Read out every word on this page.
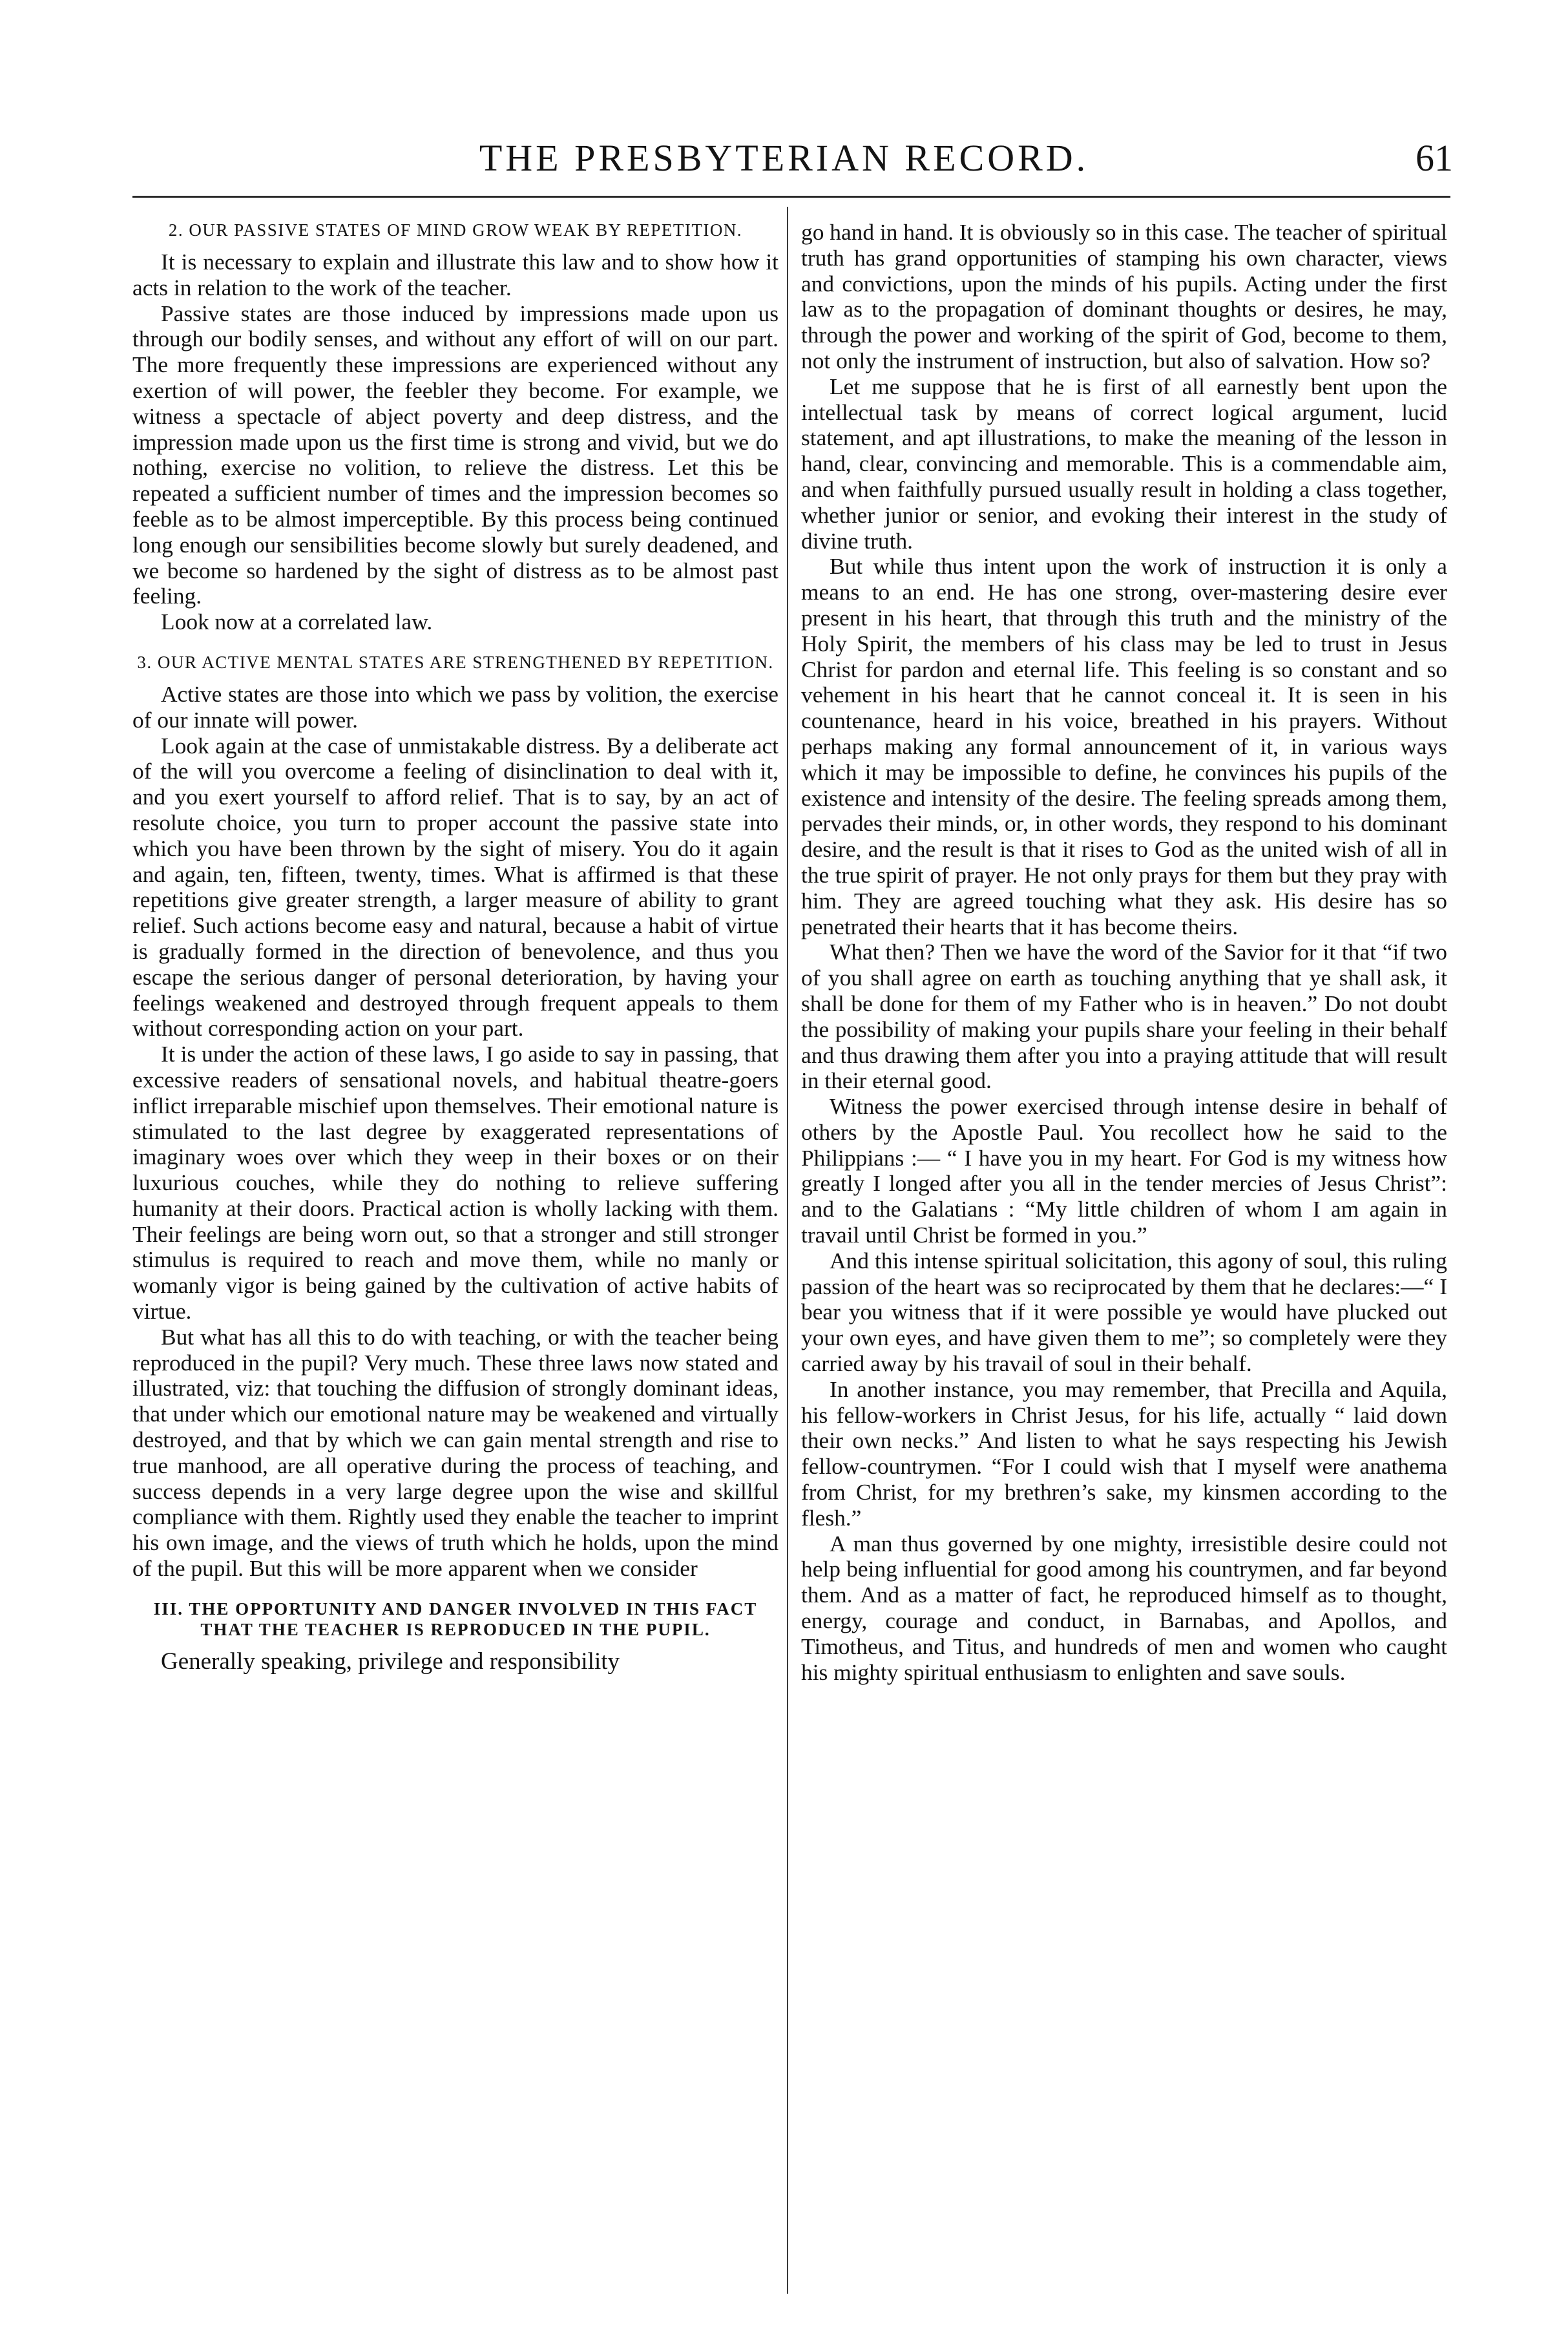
THE PRESBYTERIAN RECORD.	61
2. OUR PASSIVE STATES OF MIND GROW WEAK BY REPETITION.

It is necessary to explain and illustrate this law and to show how it acts in relation to the work of the teacher.

Passive states are those induced by impressions made upon us through our bodily senses, and without any effort of will on our part. The more frequently these impressions are experienced without any exertion of will power, the feebler they become. For example, we witness a spectacle of abject poverty and deep distress, and the impression made upon us the first time is strong and vivid, but we do nothing, exercise no volition, to relieve the distress. Let this be repeated a sufficient number of times and the impression becomes so feeble as to be almost imperceptible. By this process being continued long enough our sensibilities become slowly but surely deadened, and we become so hardened by the sight of distress as to be almost past feeling.

Look now at a correlated law.

3. OUR ACTIVE MENTAL STATES ARE STRENGTHENED BY REPETITION.

Active states are those into which we pass by volition, the exercise of our innate will power.

Look again at the case of unmistakable distress. By a deliberate act of the will you overcome a feeling of disinclination to deal with it, and you exert yourself to afford relief. That is to say, by an act of resolute choice, you turn to proper account the passive state into which you have been thrown by the sight of misery. You do it again and again, ten, fifteen, twenty, times. What is affirmed is that these repetitions give greater strength, a larger measure of ability to grant relief. Such actions become easy and natural, because a habit of virtue is gradually formed in the direction of benevolence, and thus you escape the serious danger of personal deterioration, by having your feelings weakened and destroyed through frequent appeals to them without corresponding action on your part.

It is under the action of these laws, I go aside to say in passing, that excessive readers of sensational novels, and habitual theatre-goers inflict irreparable mischief upon themselves. Their emotional nature is stimulated to the last degree by exaggerated representations of imaginary woes over which they weep in their boxes or on their luxurious couches, while they do nothing to relieve suffering humanity at their doors. Practical action is wholly lacking with them. Their feelings are being worn out, so that a stronger and still stronger stimulus is required to reach and move them, while no manly or womanly vigor is being gained by the cultivation of active habits of virtue.

But what has all this to do with teaching, or with the teacher being reproduced in the pupil? Very much. These three laws now stated and illustrated, viz: that touching the diffusion of strongly dominant ideas, that under which our emotional nature may be weakened and virtually destroyed, and that by which we can gain mental strength and rise to true manhood, are all operative during the process of teaching, and success depends in a very large degree upon the wise and skillful compliance with them. Rightly used they enable the teacher to imprint his own image, and the views of truth which he holds, upon the mind of the pupil. But this will be more apparent when we consider

III. THE OPPORTUNITY AND DANGER INVOLVED IN THIS FACT THAT THE TEACHER IS REPRODUCED IN THE PUPIL.

Generally speaking, privilege and responsibility

go hand in hand. It is obviously so in this case. The teacher of spiritual truth has grand opportunities of stamping his own character, views and convictions, upon the minds of his pupils. Acting under the first law as to the propagation of dominant thoughts or desires, he may, through the power and working of the spirit of God, become to them, not only the instrument of instruction, but also of salvation. How so?

Let me suppose that he is first of all earnestly bent upon the intellectual task by means of correct logical argument, lucid statement, and apt illustrations, to make the meaning of the lesson in hand, clear, convincing and memorable. This is a commendable aim, and when faithfully pursued usually result in holding a class together, whether junior or senior, and evoking their interest in the study of divine truth.

But while thus intent upon the work of instruction it is only a means to an end. He has one strong, over-mastering desire ever present in his heart, that through this truth and the ministry of the Holy Spirit, the members of his class may be led to trust in Jesus Christ for pardon and eternal life. This feeling is so constant and so vehement in his heart that he cannot conceal it. It is seen in his countenance, heard in his voice, breathed in his prayers. Without perhaps making any formal announcement of it, in various ways which it may be impossible to define, he convinces his pupils of the existence and intensity of the desire. The feeling spreads among them, pervades their minds, or, in other words, they respond to his dominant desire, and the result is that it rises to God as the united wish of all in the true spirit of prayer. He not only prays for them but they pray with him. They are agreed touching what they ask. His desire has so penetrated their hearts that it has become theirs.

What then? Then we have the word of the Savior for it that “if two of you shall agree on earth as touching anything that ye shall ask, it shall be done for them of my Father who is in heaven.” Do not doubt the possibility of making your pupils share your feeling in their behalf and thus drawing them after you into a praying attitude that will result in their eternal good.

Witness the power exercised through intense desire in behalf of others by the Apostle Paul. You recollect how he said to the Philippians :— “ I have you in my heart. For God is my witness how greatly I longed after you all in the tender mercies of Jesus Christ”: and to the Galatians : “My little children of whom I am again in travail until Christ be formed in you.”

And this intense spiritual solicitation, this agony of soul, this ruling passion of the heart was so reciprocated by them that he declares:—“ I bear you witness that if it were possible ye would have plucked out your own eyes, and have given them to me”; so completely were they carried away by his travail of soul in their behalf.

In another instance, you may remember, that Precilla and Aquila, his fellow-workers in Christ Jesus, for his life, actually “ laid down their own necks.” And listen to what he says respecting his Jewish fellow-countrymen. “For I could wish that I myself were anathema from Christ, for my brethren’s sake, my kinsmen according to the flesh.”

A man thus governed by one mighty, irresistible desire could not help being influential for good among his countrymen, and far beyond them. And as a matter of fact, he reproduced himself as to thought, energy, courage and conduct, in Barnabas, and Apollos, and Timotheus, and Titus, and hundreds of men and women who caught his mighty spiritual enthusiasm to enlighten and save souls.
